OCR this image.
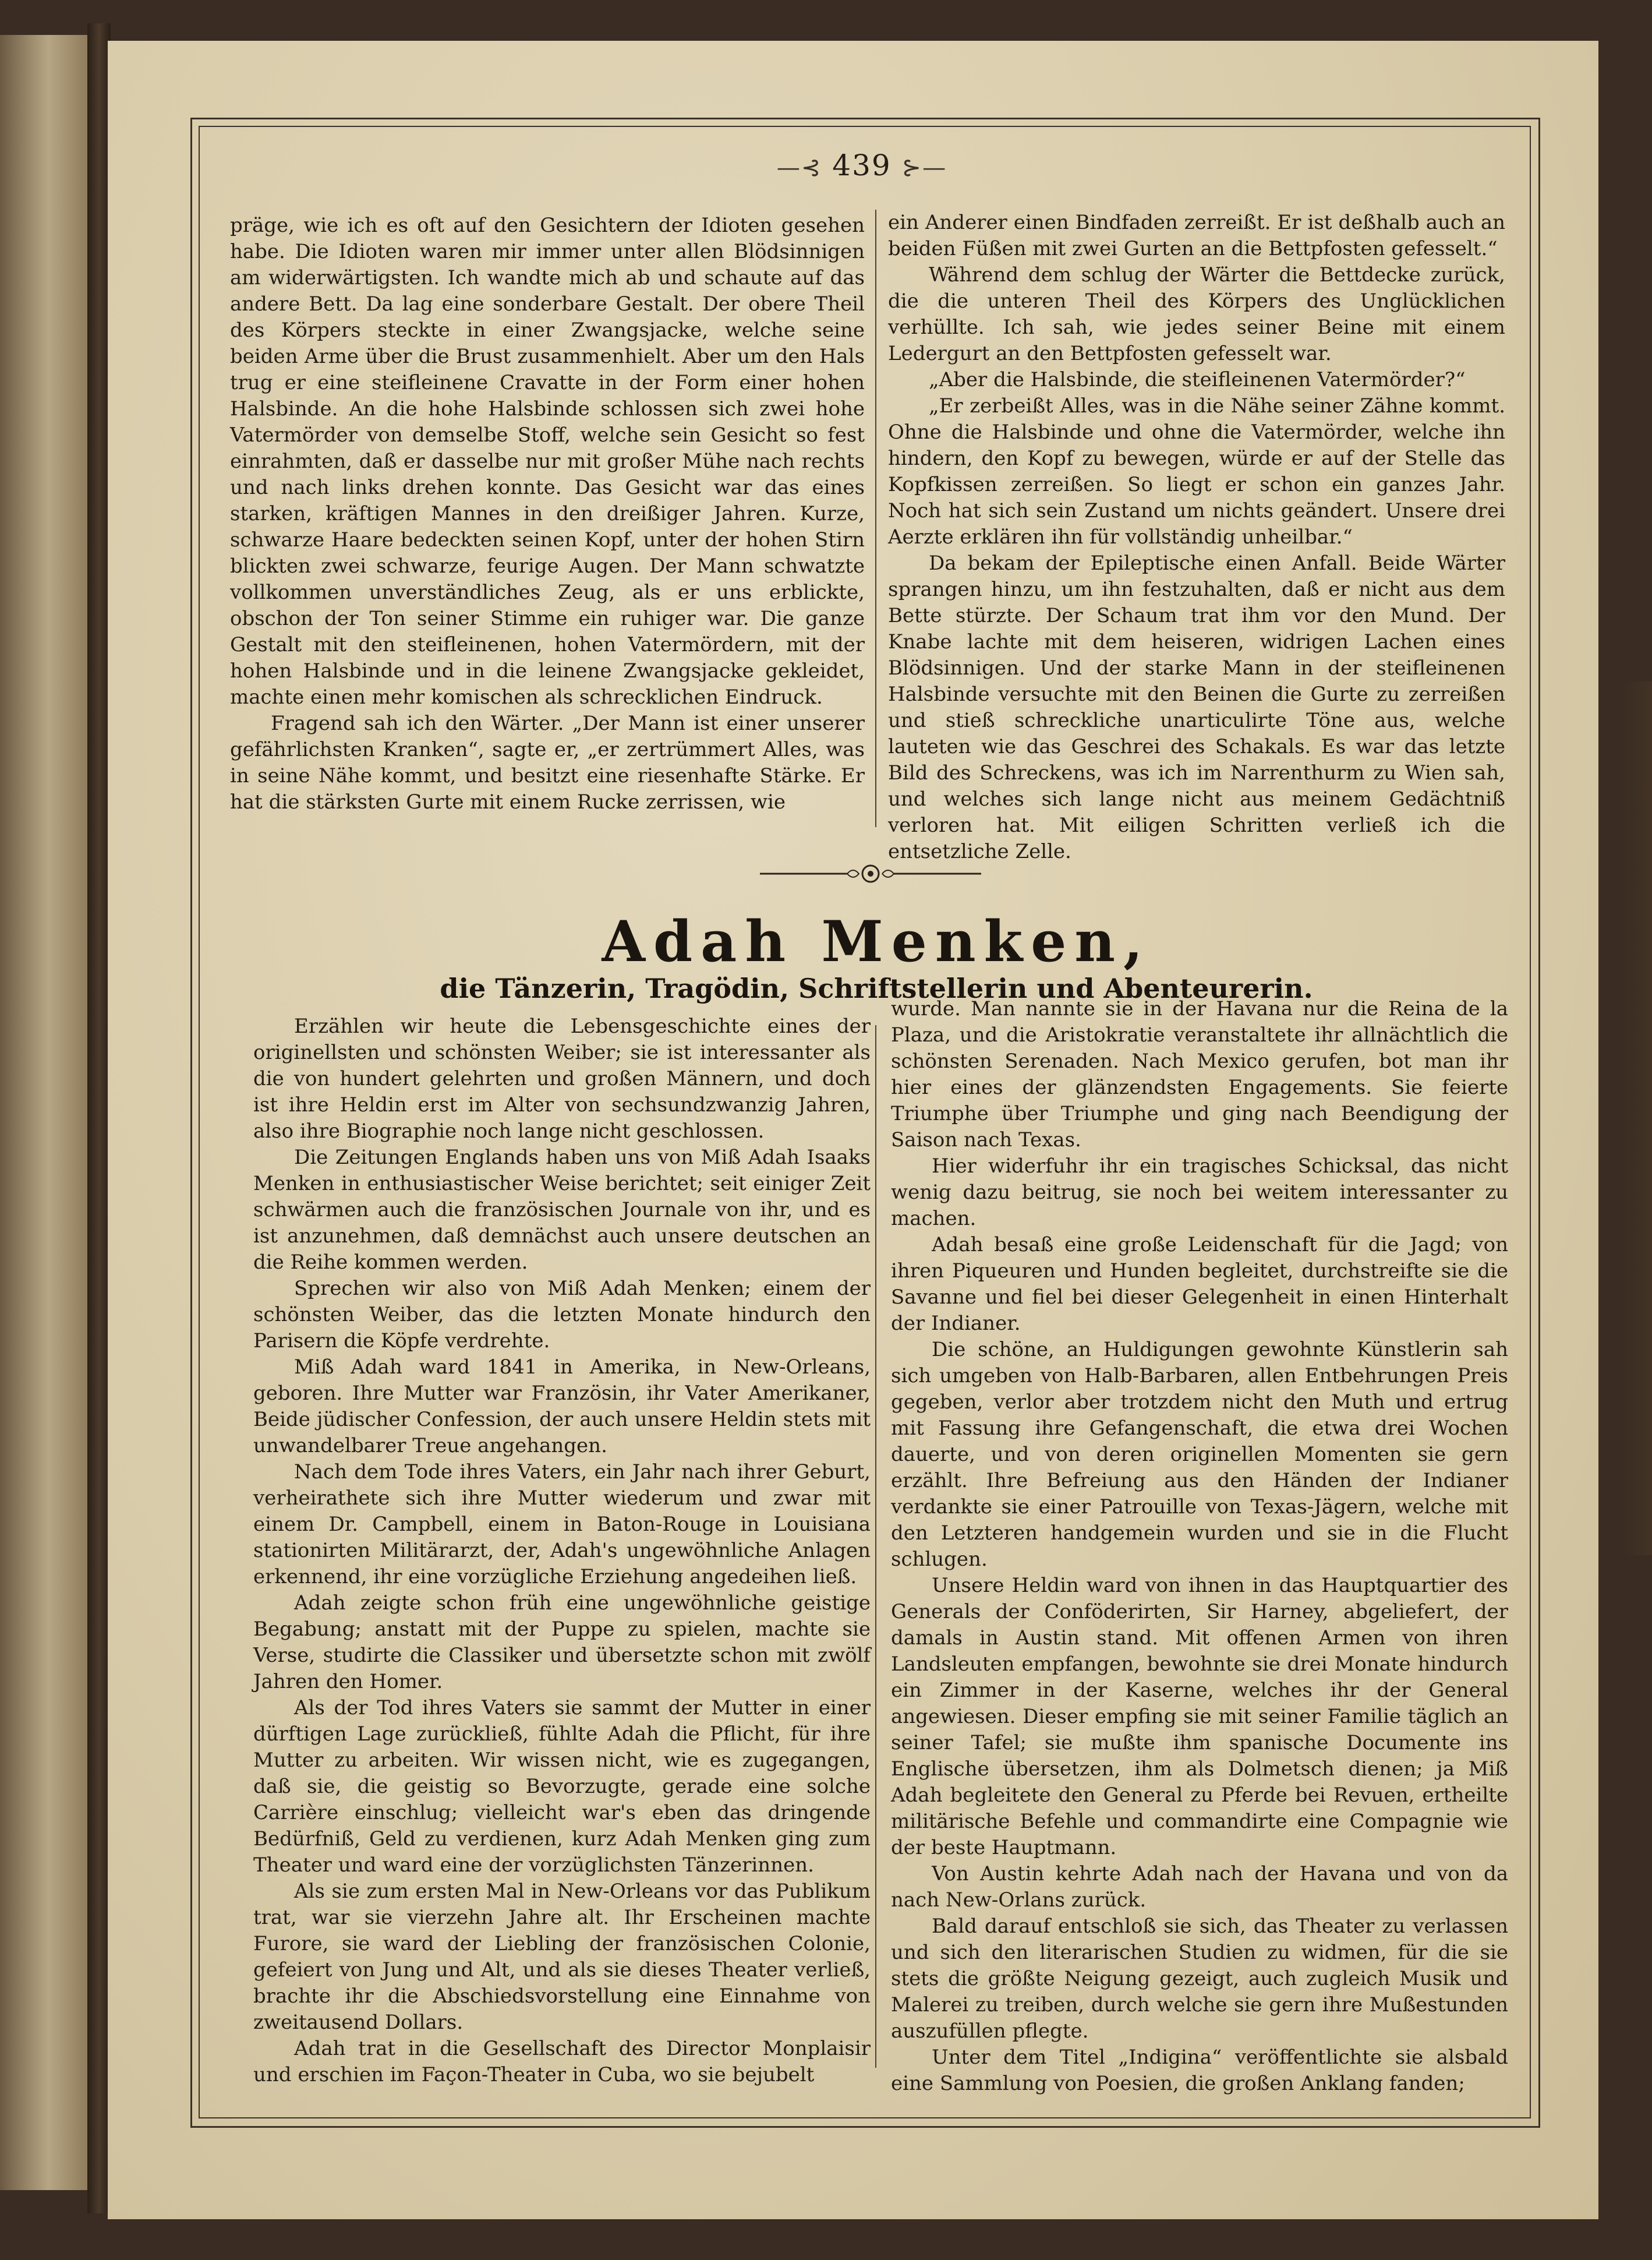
—⊰ 439 ⊱—

präge, wie ich es oft auf den Gesichtern der Idioten gesehen habe. Die Idioten waren mir immer unter allen Blödsinnigen am widerwärtigsten. Ich wandte mich ab und schaute auf das andere Bett. Da lag eine sonderbare Gestalt. Der obere Theil des Körpers steckte in einer Zwangsjacke, welche seine beiden Arme über die Brust zusammenhielt. Aber um den Hals trug er eine steifleinene Cravatte in der Form einer hohen Halsbinde. An die hohe Halsbinde schlossen sich zwei hohe Vatermörder von demselbe Stoff, welche sein Gesicht so fest einrahmten, daß er dasselbe nur mit großer Mühe nach rechts und nach links drehen konnte. Das Gesicht war das eines starken, kräftigen Mannes in den dreißiger Jahren. Kurze, schwarze Haare bedeckten seinen Kopf, unter der hohen Stirn blickten zwei schwarze, feurige Augen. Der Mann schwatzte vollkommen unverständliches Zeug, als er uns erblickte, obschon der Ton seiner Stimme ein ruhiger war. Die ganze Gestalt mit den steifleinenen, hohen Vatermördern, mit der hohen Halsbinde und in die leinene Zwangsjacke gekleidet, machte einen mehr komischen als schrecklichen Eindruck.

Fragend sah ich den Wärter. „Der Mann ist einer unserer gefährlichsten Kranken“, sagte er, „er zertrümmert Alles, was in seine Nähe kommt, und besitzt eine riesenhafte Stärke. Er hat die stärksten Gurte mit einem Rucke zerrissen, wie

ein Anderer einen Bindfaden zerreißt. Er ist deßhalb auch an beiden Füßen mit zwei Gurten an die Bettpfosten gefesselt.“

Während dem schlug der Wärter die Bettdecke zurück, die die unteren Theil des Körpers des Unglücklichen verhüllte. Ich sah, wie jedes seiner Beine mit einem Ledergurt an den Bettpfosten gefesselt war.

„Aber die Halsbinde, die steifleinenen Vatermörder?“

„Er zerbeißt Alles, was in die Nähe seiner Zähne kommt. Ohne die Halsbinde und ohne die Vatermörder, welche ihn hindern, den Kopf zu bewegen, würde er auf der Stelle das Kopfkissen zerreißen. So liegt er schon ein ganzes Jahr. Noch hat sich sein Zustand um nichts geändert. Unsere drei Aerzte erklären ihn für vollständig unheilbar.“

Da bekam der Epileptische einen Anfall. Beide Wärter sprangen hinzu, um ihn festzuhalten, daß er nicht aus dem Bette stürzte. Der Schaum trat ihm vor den Mund. Der Knabe lachte mit dem heiseren, widrigen Lachen eines Blödsinnigen. Und der starke Mann in der steifleinenen Halsbinde versuchte mit den Beinen die Gurte zu zerreißen und stieß schreckliche unarticulirte Töne aus, welche lauteten wie das Geschrei des Schakals. Es war das letzte Bild des Schreckens, was ich im Narrenthurm zu Wien sah, und welches sich lange nicht aus meinem Gedächtniß verloren hat. Mit eiligen Schritten verließ ich die entsetzliche Zelle.

Adah Menken,
die Tänzerin, Tragödin, Schriftstellerin und Abenteurerin.

Erzählen wir heute die Lebensgeschichte eines der originellsten und schönsten Weiber; sie ist interessanter als die von hundert gelehrten und großen Männern, und doch ist ihre Heldin erst im Alter von sechsundzwanzig Jahren, also ihre Biographie noch lange nicht geschlossen.

Die Zeitungen Englands haben uns von Miß Adah Isaaks Menken in enthusiastischer Weise berichtet; seit einiger Zeit schwärmen auch die französischen Journale von ihr, und es ist anzunehmen, daß demnächst auch unsere deutschen an die Reihe kommen werden.

Sprechen wir also von Miß Adah Menken; einem der schönsten Weiber, das die letzten Monate hindurch den Parisern die Köpfe verdrehte.

Miß Adah ward 1841 in Amerika, in New-Orleans, geboren. Ihre Mutter war Französin, ihr Vater Amerikaner, Beide jüdischer Confession, der auch unsere Heldin stets mit unwandelbarer Treue angehangen.

Nach dem Tode ihres Vaters, ein Jahr nach ihrer Geburt, verheirathete sich ihre Mutter wiederum und zwar mit einem Dr. Campbell, einem in Baton-Rouge in Louisiana stationirten Militärarzt, der, Adah's ungewöhnliche Anlagen erkennend, ihr eine vorzügliche Erziehung angedeihen ließ.

Adah zeigte schon früh eine ungewöhnliche geistige Begabung; anstatt mit der Puppe zu spielen, machte sie Verse, studirte die Classiker und übersetzte schon mit zwölf Jahren den Homer.

Als der Tod ihres Vaters sie sammt der Mutter in einer dürftigen Lage zurückließ, fühlte Adah die Pflicht, für ihre Mutter zu arbeiten. Wir wissen nicht, wie es zugegangen, daß sie, die geistig so Bevorzugte, gerade eine solche Carrière einschlug; vielleicht war's eben das dringende Bedürfniß, Geld zu verdienen, kurz Adah Menken ging zum Theater und ward eine der vorzüglichsten Tänzerinnen.

Als sie zum ersten Mal in New-Orleans vor das Publikum trat, war sie vierzehn Jahre alt. Ihr Erscheinen machte Furore, sie ward der Liebling der französischen Colonie, gefeiert von Jung und Alt, und als sie dieses Theater verließ, brachte ihr die Abschiedsvorstellung eine Einnahme von zweitausend Dollars.

Adah trat in die Gesellschaft des Director Monplaisir und erschien im Façon-Theater in Cuba, wo sie bejubelt

wurde. Man nannte sie in der Havana nur die Reina de la Plaza, und die Aristokratie veranstaltete ihr allnächtlich die schönsten Serenaden. Nach Mexico gerufen, bot man ihr hier eines der glänzendsten Engagements. Sie feierte Triumphe über Triumphe und ging nach Beendigung der Saison nach Texas.

Hier widerfuhr ihr ein tragisches Schicksal, das nicht wenig dazu beitrug, sie noch bei weitem interessanter zu machen.

Adah besaß eine große Leidenschaft für die Jagd; von ihren Piqueuren und Hunden begleitet, durchstreifte sie die Savanne und fiel bei dieser Gelegenheit in einen Hinterhalt der Indianer.

Die schöne, an Huldigungen gewohnte Künstlerin sah sich umgeben von Halb-Barbaren, allen Entbehrungen Preis gegeben, verlor aber trotzdem nicht den Muth und ertrug mit Fassung ihre Gefangenschaft, die etwa drei Wochen dauerte, und von deren originellen Momenten sie gern erzählt. Ihre Befreiung aus den Händen der Indianer verdankte sie einer Patrouille von Texas-Jägern, welche mit den Letzteren handgemein wurden und sie in die Flucht schlugen.

Unsere Heldin ward von ihnen in das Hauptquartier des Generals der Conföderirten, Sir Harney, abgeliefert, der damals in Austin stand. Mit offenen Armen von ihren Landsleuten empfangen, bewohnte sie drei Monate hindurch ein Zimmer in der Kaserne, welches ihr der General angewiesen. Dieser empfing sie mit seiner Familie täglich an seiner Tafel; sie mußte ihm spanische Documente ins Englische übersetzen, ihm als Dolmetsch dienen; ja Miß Adah begleitete den General zu Pferde bei Revuen, ertheilte militärische Befehle und commandirte eine Compagnie wie der beste Hauptmann.

Von Austin kehrte Adah nach der Havana und von da nach New-Orlans zurück.

Bald darauf entschloß sie sich, das Theater zu verlassen und sich den literarischen Studien zu widmen, für die sie stets die größte Neigung gezeigt, auch zugleich Musik und Malerei zu treiben, durch welche sie gern ihre Mußestunden auszufüllen pflegte.

Unter dem Titel „Indigina“ veröffentlichte sie alsbald eine Sammlung von Poesien, die großen Anklang fanden;
